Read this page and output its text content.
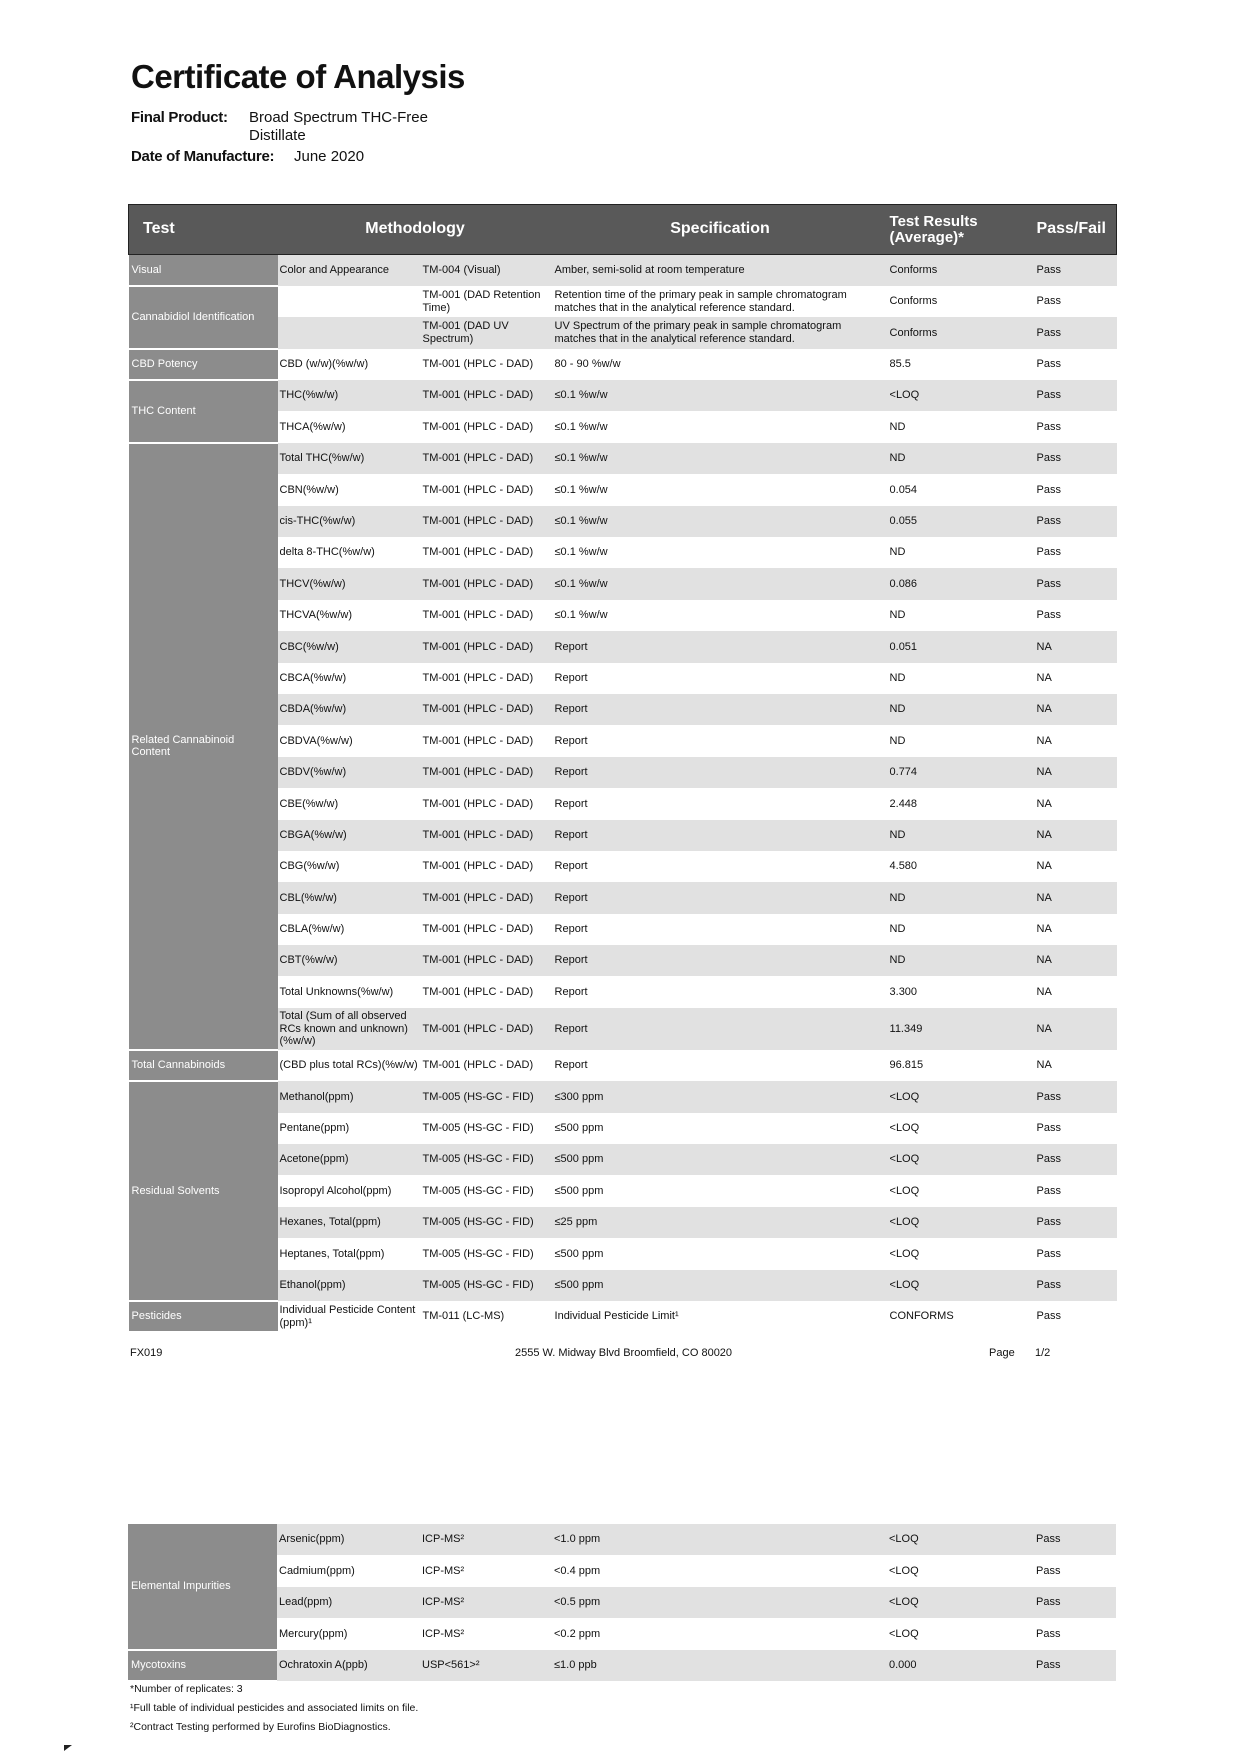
Certificate of Analysis
Final Product: Broad Spectrum THC-Free
Distillate
Date of Manufacture: June 2020
Test	Methodology		Specification	Test Results (Average)*	Pass/Fail
Visual	Color and Appearance	TM-004 (Visual)	Amber, semi-solid at room temperature	Conforms	Pass
Cannabidiol Identification		TM-001 (DAD Retention Time)	Retention time of the primary peak in sample chromatogram matches that in the analytical reference standard.	Conforms	Pass
		TM-001 (DAD UV Spectrum)	UV Spectrum of the primary peak in sample chromatogram matches that in the analytical reference standard.	Conforms	Pass
CBD Potency	CBD (w/w)(%w/w)	TM-001 (HPLC - DAD)	80 - 90 %w/w	85.5	Pass
THC Content	THC(%w/w)	TM-001 (HPLC - DAD)	≤0.1 %w/w	<LOQ	Pass
	THCA(%w/w)	TM-001 (HPLC - DAD)	≤0.1 %w/w	ND	Pass
Related Cannabinoid Content	Total THC(%w/w)	TM-001 (HPLC - DAD)	≤0.1 %w/w	ND	Pass
	CBN(%w/w)	TM-001 (HPLC - DAD)	≤0.1 %w/w	0.054	Pass
	cis-THC(%w/w)	TM-001 (HPLC - DAD)	≤0.1 %w/w	0.055	Pass
	delta 8-THC(%w/w)	TM-001 (HPLC - DAD)	≤0.1 %w/w	ND	Pass
	THCV(%w/w)	TM-001 (HPLC - DAD)	≤0.1 %w/w	0.086	Pass
	THCVA(%w/w)	TM-001 (HPLC - DAD)	≤0.1 %w/w	ND	Pass
	CBC(%w/w)	TM-001 (HPLC - DAD)	Report	0.051	NA
	CBCA(%w/w)	TM-001 (HPLC - DAD)	Report	ND	NA
	CBDA(%w/w)	TM-001 (HPLC - DAD)	Report	ND	NA
	CBDVA(%w/w)	TM-001 (HPLC - DAD)	Report	ND	NA
	CBDV(%w/w)	TM-001 (HPLC - DAD)	Report	0.774	NA
	CBE(%w/w)	TM-001 (HPLC - DAD)	Report	2.448	NA
	CBGA(%w/w)	TM-001 (HPLC - DAD)	Report	ND	NA
	CBG(%w/w)	TM-001 (HPLC - DAD)	Report	4.580	NA
	CBL(%w/w)	TM-001 (HPLC - DAD)	Report	ND	NA
	CBLA(%w/w)	TM-001 (HPLC - DAD)	Report	ND	NA
	CBT(%w/w)	TM-001 (HPLC - DAD)	Report	ND	NA
	Total Unknowns(%w/w)	TM-001 (HPLC - DAD)	Report	3.300	NA
	Total (Sum of all observed RCs known and unknown)(%w/w)	TM-001 (HPLC - DAD)	Report	11.349	NA
Total Cannabinoids	(CBD plus total RCs)(%w/w)	TM-001 (HPLC - DAD)	Report	96.815	NA
Residual Solvents	Methanol(ppm)	TM-005 (HS-GC - FID)	≤300 ppm	<LOQ	Pass
	Pentane(ppm)	TM-005 (HS-GC - FID)	≤500 ppm	<LOQ	Pass
	Acetone(ppm)	TM-005 (HS-GC - FID)	≤500 ppm	<LOQ	Pass
	Isopropyl Alcohol(ppm)	TM-005 (HS-GC - FID)	≤500 ppm	<LOQ	Pass
	Hexanes, Total(ppm)	TM-005 (HS-GC - FID)	≤25 ppm	<LOQ	Pass
	Heptanes, Total(ppm)	TM-005 (HS-GC - FID)	≤500 ppm	<LOQ	Pass
	Ethanol(ppm)	TM-005 (HS-GC - FID)	≤500 ppm	<LOQ	Pass
Pesticides	Individual Pesticide Content (ppm)¹	TM-011 (LC-MS)	Individual Pesticide Limit¹	CONFORMS	Pass
FX019	2555 W. Midway Blvd Broomfield, CO 80020	Page 1/2
Elemental Impurities	Arsenic(ppm)	ICP-MS²	<1.0 ppm	<LOQ	Pass
	Cadmium(ppm)	ICP-MS²	<0.4 ppm	<LOQ	Pass
	Lead(ppm)	ICP-MS²	<0.5 ppm	<LOQ	Pass
	Mercury(ppm)	ICP-MS²	<0.2 ppm	<LOQ	Pass
Mycotoxins	Ochratoxin A(ppb)	USP<561>²	≤1.0 ppb	0.000	Pass
*Number of replicates: 3
¹Full table of individual pesticides and associated limits on file.
²Contract Testing performed by Eurofins BioDiagnostics.
